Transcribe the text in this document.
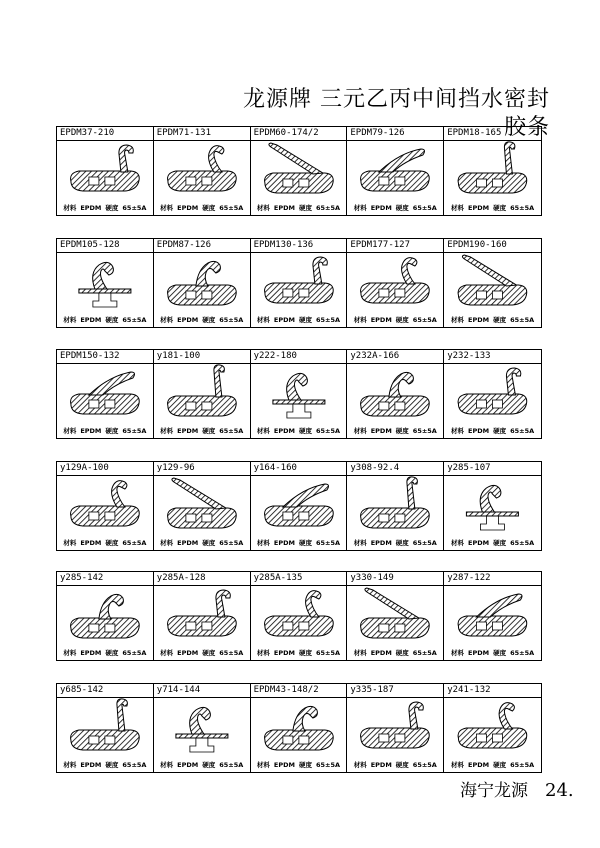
龙源牌 三元乙丙中间挡水密封胶条
EPDM37-210
材料 EPDM 硬度 65±5A
EPDM71-131
材料 EPDM 硬度 65±5A
EPDM60-174/2
材料 EPDM 硬度 65±5A
EPDM79-126
材料 EPDM 硬度 65±5A
EPDM18-165
材料 EPDM 硬度 65±5A
EPDM105-128
材料 EPDM 硬度 65±5A
EPDM87-126
材料 EPDM 硬度 65±5A
EPDM130-136
材料 EPDM 硬度 65±5A
EPDM177-127
材料 EPDM 硬度 65±5A
EPDM190-160
材料 EPDM 硬度 65±5A
EPDM150-132
材料 EPDM 硬度 65±5A
y181-100
材料 EPDM 硬度 65±5A
y222-180
材料 EPDM 硬度 65±5A
y232A-166
材料 EPDM 硬度 65±5A
y232-133
材料 EPDM 硬度 65±5A
y129A-100
材料 EPDM 硬度 65±5A
y129-96
材料 EPDM 硬度 65±5A
y164-160
材料 EPDM 硬度 65±5A
y308-92.4
材料 EPDM 硬度 65±5A
y285-107
材料 EPDM 硬度 65±5A
y285-142
材料 EPDM 硬度 65±5A
y285A-128
材料 EPDM 硬度 65±5A
y285A-135
材料 EPDM 硬度 65±5A
y330-149
材料 EPDM 硬度 65±5A
y287-122
材料 EPDM 硬度 65±5A
y685-142
材料 EPDM 硬度 65±5A
y714-144
材料 EPDM 硬度 65±5A
EPDM43-148/2
材料 EPDM 硬度 65±5A
y335-187
材料 EPDM 硬度 65±5A
y241-132
材料 EPDM 硬度 65±5A
海宁龙源 24.
